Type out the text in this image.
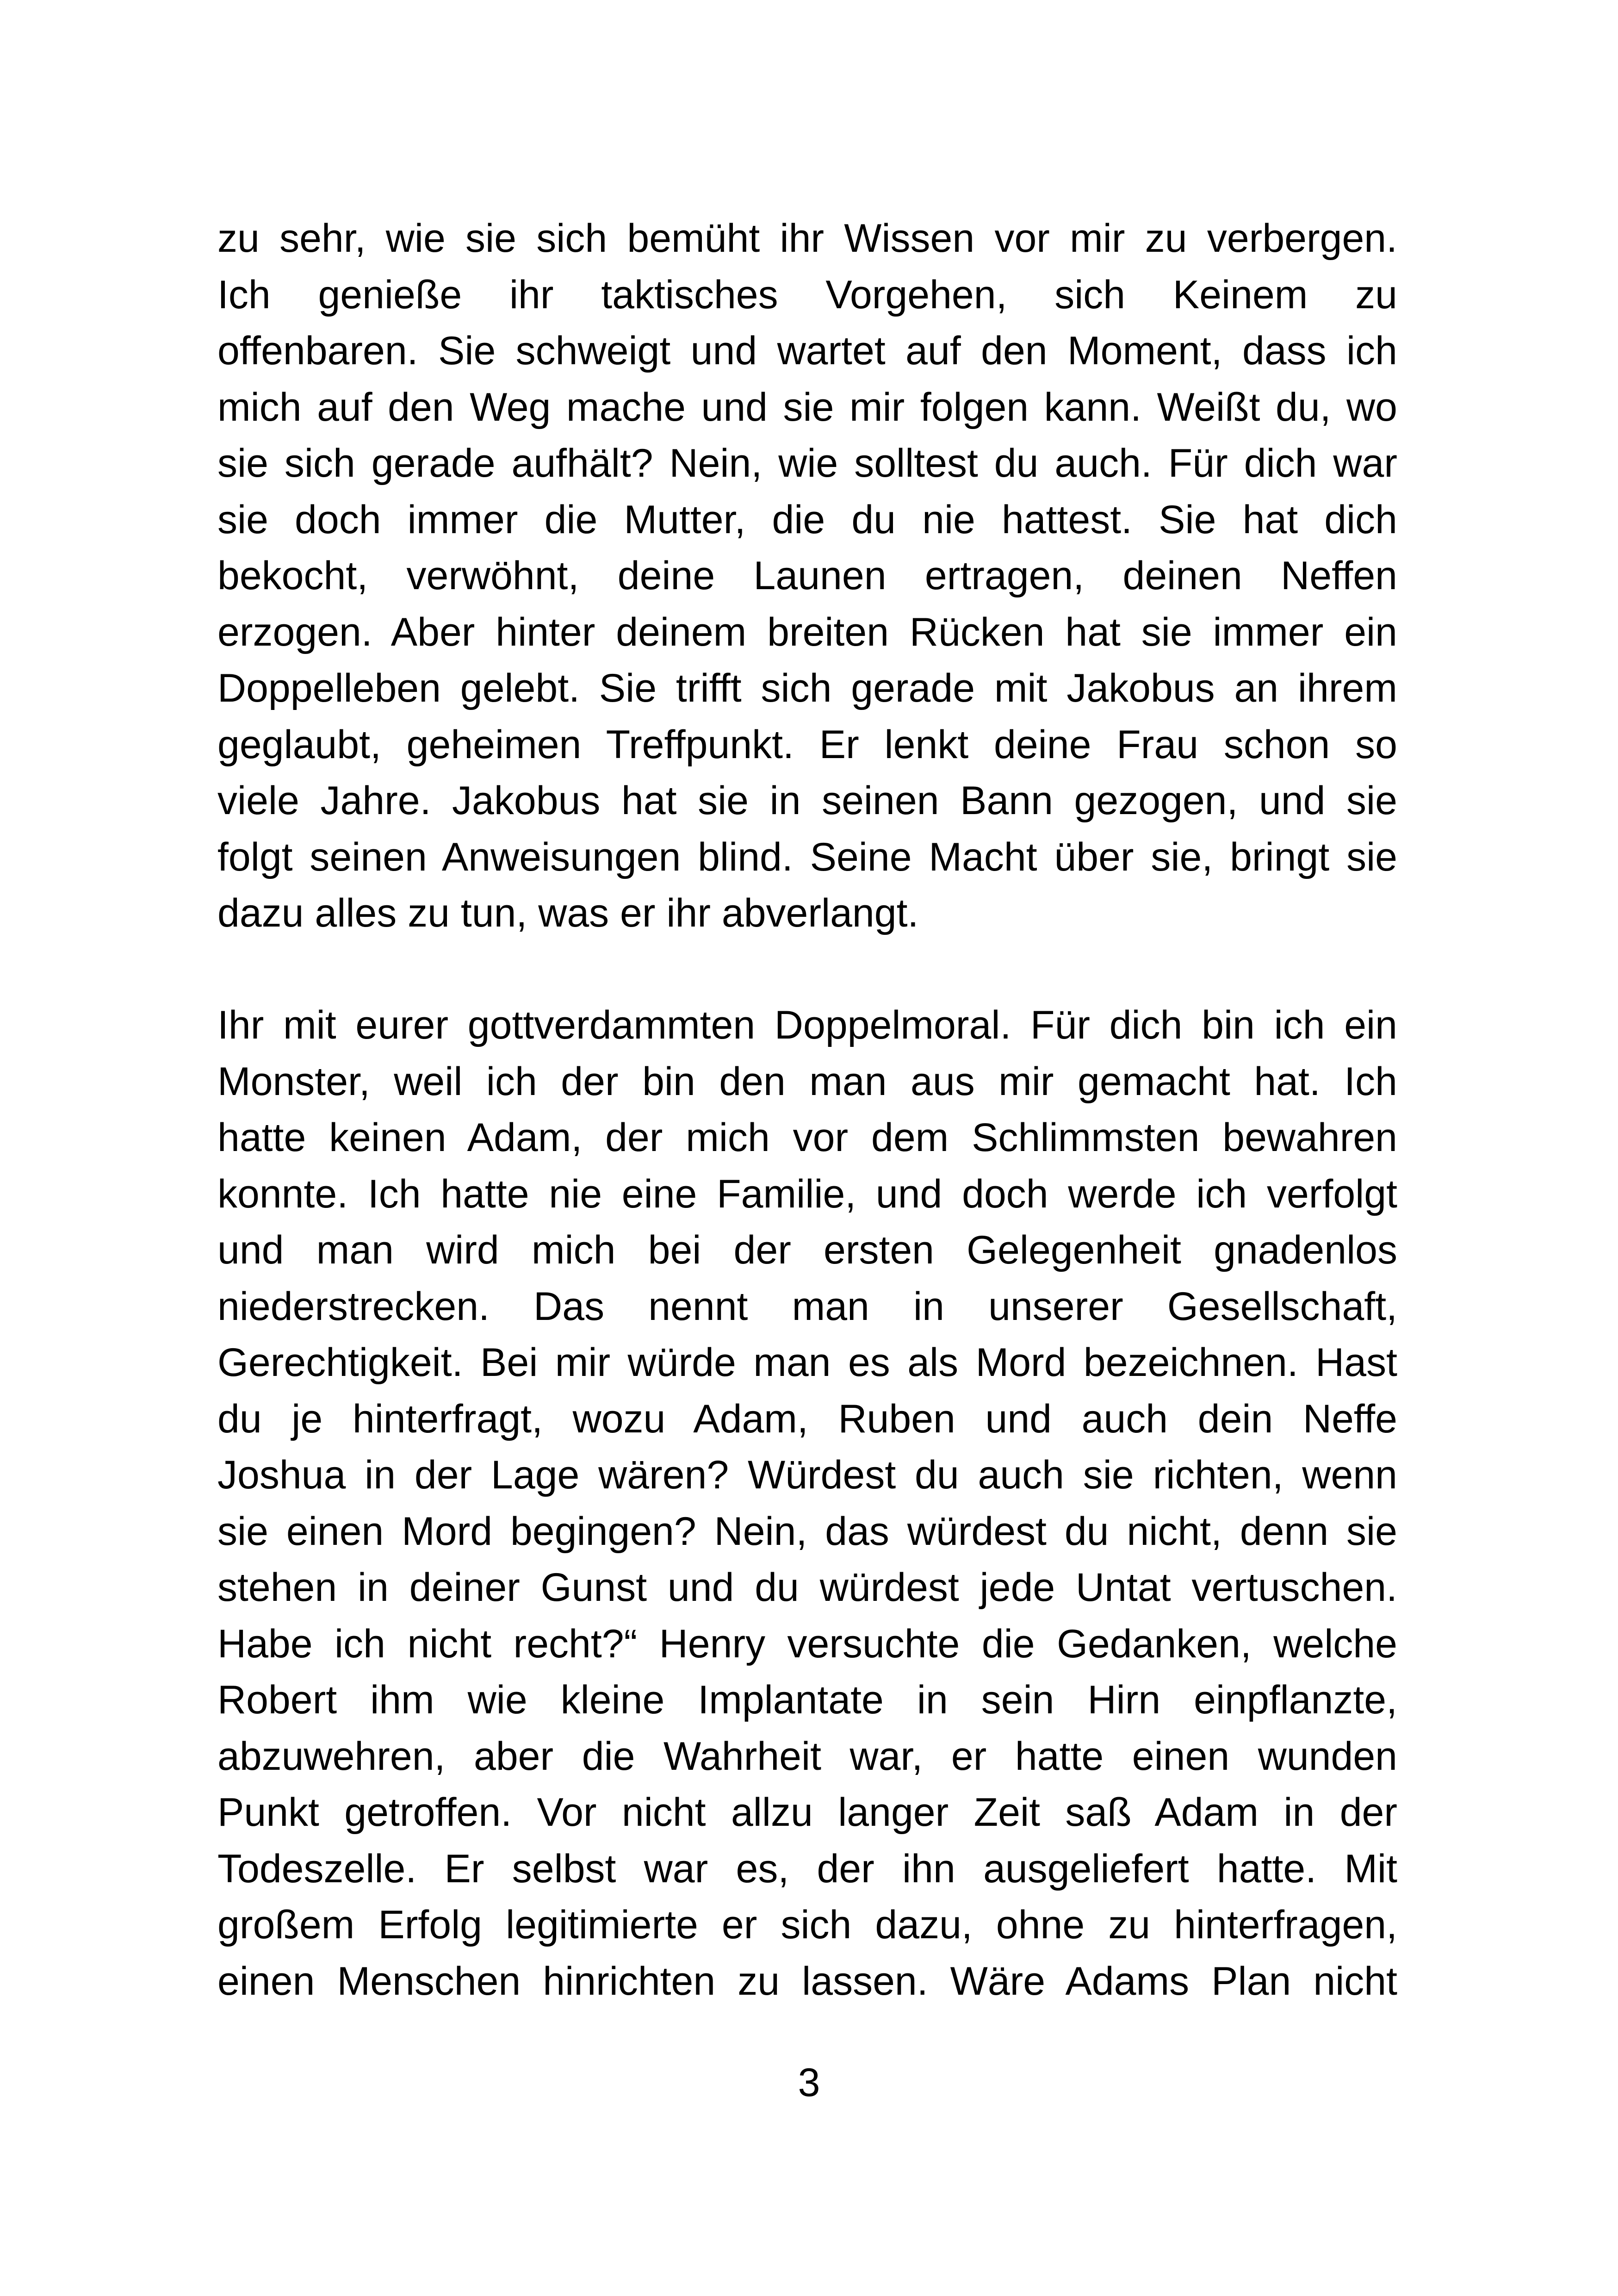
zu sehr, wie sie sich bemüht ihr Wissen vor mir zu verbergen.
Ich genieße ihr taktisches Vorgehen, sich Keinem zu
offenbaren. Sie schweigt und wartet auf den Moment, dass ich
mich auf den Weg mache und sie mir folgen kann. Weißt du, wo
sie sich gerade aufhält? Nein, wie solltest du auch. Für dich war
sie doch immer die Mutter, die du nie hattest. Sie hat dich
bekocht, verwöhnt, deine Launen ertragen, deinen Neffen
erzogen. Aber hinter deinem breiten Rücken hat sie immer ein
Doppelleben gelebt. Sie trifft sich gerade mit Jakobus an ihrem
geglaubt, geheimen Treffpunkt. Er lenkt deine Frau schon so
viele Jahre. Jakobus hat sie in seinen Bann gezogen, und sie
folgt seinen Anweisungen blind. Seine Macht über sie, bringt sie
dazu alles zu tun, was er ihr abverlangt.
Ihr mit eurer gottverdammten Doppelmoral. Für dich bin ich ein
Monster, weil ich der bin den man aus mir gemacht hat. Ich
hatte keinen Adam, der mich vor dem Schlimmsten bewahren
konnte. Ich hatte nie eine Familie, und doch werde ich verfolgt
und man wird mich bei der ersten Gelegenheit gnadenlos
niederstrecken. Das nennt man in unserer Gesellschaft,
Gerechtigkeit. Bei mir würde man es als Mord bezeichnen. Hast
du je hinterfragt, wozu Adam, Ruben und auch dein Neffe
Joshua in der Lage wären? Würdest du auch sie richten, wenn
sie einen Mord begingen? Nein, das würdest du nicht, denn sie
stehen in deiner Gunst und du würdest jede Untat vertuschen.
Habe ich nicht recht?“ Henry versuchte die Gedanken, welche
Robert ihm wie kleine Implantate in sein Hirn einpflanzte,
abzuwehren, aber die Wahrheit war, er hatte einen wunden
Punkt getroffen. Vor nicht allzu langer Zeit saß Adam in der
Todeszelle. Er selbst war es, der ihn ausgeliefert hatte. Mit
großem Erfolg legitimierte er sich dazu, ohne zu hinterfragen,
einen Menschen hinrichten zu lassen. Wäre Adams Plan nicht
3
